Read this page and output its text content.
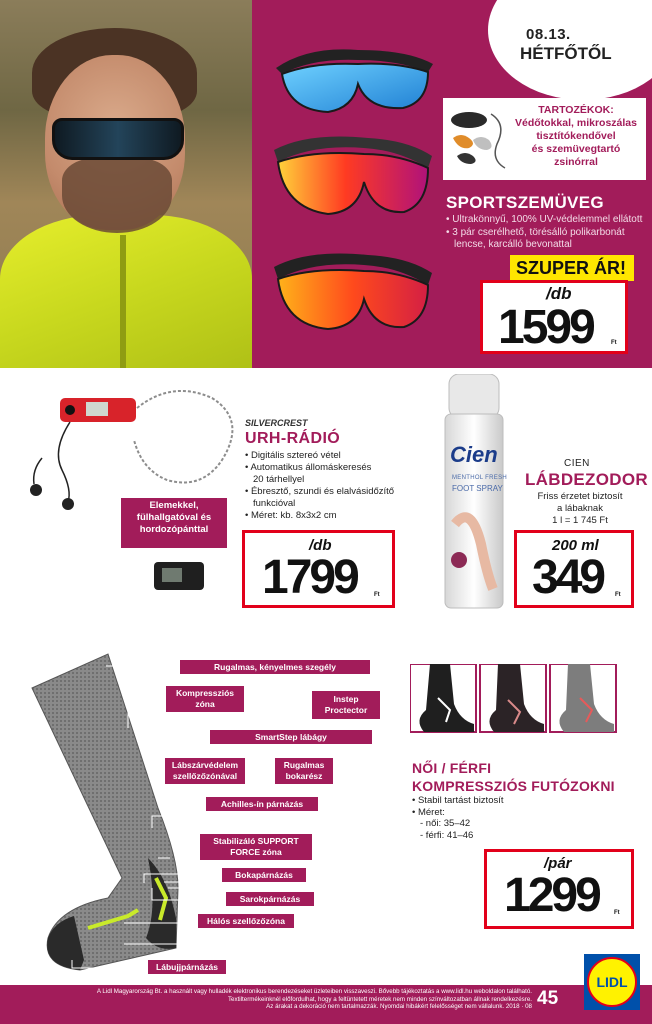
08.13.
HÉTFŐTŐL
TARTOZÉKOK:
Védőtokkal, mikroszálas
tisztítókendővel
és szemüvegtartó
zsinórral
SPORTSZEMÜVEG
• Ultrakönnyű, 100% UV-védelemmel ellátott
• 3 pár cserélhető, törésálló polikarbonát
lencse, karcálló bevonattal
SZUPER ÁR!
/db
1599	Ft
Elemekkel,
fülhallgatóval és
hordozópánttal
SILVERCREST
URH-RÁDIÓ
• Digitális sztereó vétel
• Automatikus állomáskeresés
20 tárhellyel
• Ébresztő, szundi és elalvásidőzítő
funkcióval
• Méret: kb. 8x3x2 cm
/db
1799	Ft
Cien
MENTHOL FRESH
FOOT SPRAY
CIEN
LÁBDEZODOR
Friss érzetet biztosít
a lábaknak
1 l = 1 745 Ft
200 ml
349 Ft
Rugalmas, kényelmes szegély
Kompressziós zóna	Instep Proctector
SmartStep lábágy
Lábszárvédelem szellőzőzónával
Rugalmas bokarész
Achilles-ín párnázás
Stabilizáló SUPPORT FORCE zóna
Bokapárnázás
Sarokpárnázás
Hálós szellőzőzóna
Lábujjpárnázás
NŐI / FÉRFI
KOMPRESSZIÓS FUTÓZOKNI
• Stabil tartást biztosít
• Méret:
- női: 35–42
- férfi: 41–46
/pár
1299	Ft
A Lidl Magyarország Bt. a használt vagy hulladék elektronikus berendezéseket üzleteiben visszaveszi. Bővebb tájékoztatás a www.lidl.hu weboldalon található.
Textiltermékeinknél előfordulhat, hogy a feltüntetett méretek nem minden színváltozatban állnak rendelkezésre.
Az árakat a dekoráció nem tartalmazzák. Nyomdai hibákért felelősséget nem vállalunk. 2018 · 08 45
LIDL
